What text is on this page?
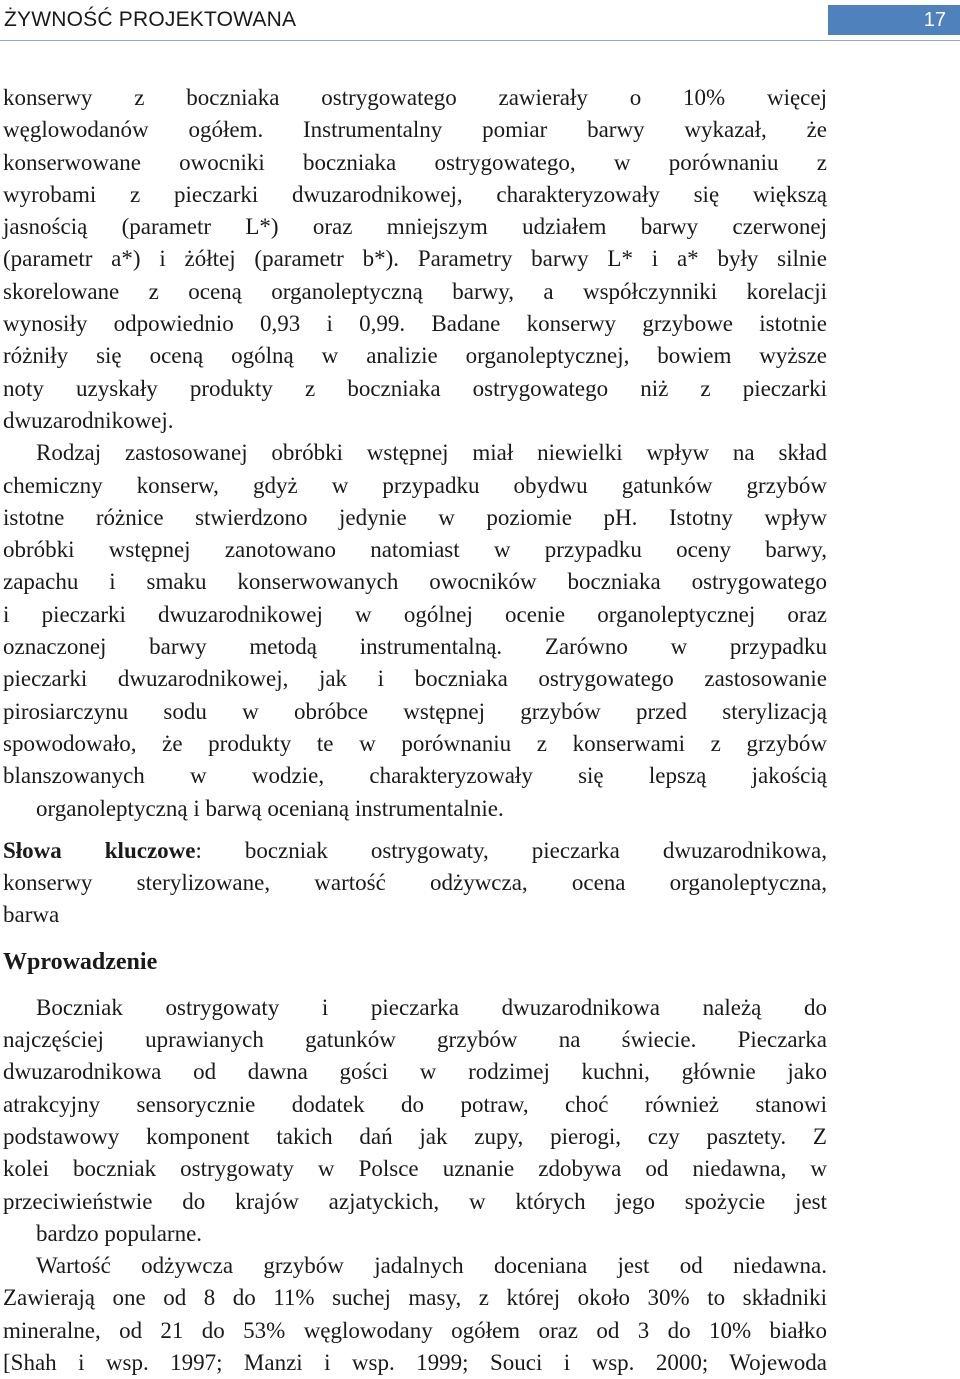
ŻYWNOŚĆ PROJEKTOWANA	17

konserwy z boczniaka ostrygowatego zawierały o 10% więcej
węglowodanów ogółem. Instrumentalny pomiar barwy wykazał, że
konserwowane owocniki boczniaka ostrygowatego, w porównaniu z
wyrobami z pieczarki dwuzarodnikowej, charakteryzowały się większą
jasnością (parametr L*) oraz mniejszym udziałem barwy czerwonej
(parametr a*) i żółtej (parametr b*). Parametry barwy L* i a* były silnie
skorelowane z oceną organoleptyczną barwy, a współczynniki korelacji
wynosiły odpowiednio 0,93 i 0,99. Badane konserwy grzybowe istotnie
różniły się oceną ogólną w analizie organoleptycznej, bowiem wyższe
noty uzyskały produkty z boczniaka ostrygowatego niż z pieczarki
dwuzarodnikowej.

Rodzaj zastosowanej obróbki wstępnej miał niewielki wpływ na skład
chemiczny konserw, gdyż w przypadku obydwu gatunków grzybów
istotne różnice stwierdzono jedynie w poziomie pH. Istotny wpływ
obróbki wstępnej zanotowano natomiast w przypadku oceny barwy,
zapachu i smaku konserwowanych owocników boczniaka ostrygowatego
i pieczarki dwuzarodnikowej w ogólnej ocenie organoleptycznej oraz
oznaczonej barwy metodą instrumentalną. Zarówno w przypadku
pieczarki dwuzarodnikowej, jak i boczniaka ostrygowatego zastosowanie
pirosiarczynu sodu w obróbce wstępnej grzybów przed sterylizacją
spowodowało, że produkty te w porównaniu z konserwami z grzybów
blanszowanych w wodzie, charakteryzowały się lepszą jakością
organoleptyczną i barwą ocenianą instrumentalnie.

Słowa kluczowe: boczniak ostrygowaty, pieczarka dwuzarodnikowa,
konserwy sterylizowane, wartość odżywcza, ocena organoleptyczna,
barwa

Wprowadzenie

Boczniak ostrygowaty i pieczarka dwuzarodnikowa należą do
najczęściej uprawianych gatunków grzybów na świecie. Pieczarka
dwuzarodnikowa od dawna gości w rodzimej kuchni, głównie jako
atrakcyjny sensorycznie dodatek do potraw, choć również stanowi
podstawowy komponent takich dań jak zupy, pierogi, czy pasztety. Z
kolei boczniak ostrygowaty w Polsce uznanie zdobywa od niedawna, w
przeciwieństwie do krajów azjatyckich, w których jego spożycie jest
bardzo popularne.

Wartość odżywcza grzybów jadalnych doceniana jest od niedawna.
Zawierają one od 8 do 11% suchej masy, z której około 30% to składniki
mineralne, od 21 do 53% węglowodany ogółem oraz od 3 do 10% białko
[Shah i wsp. 1997; Manzi i wsp. 1999; Souci i wsp. 2000; Wojewoda
